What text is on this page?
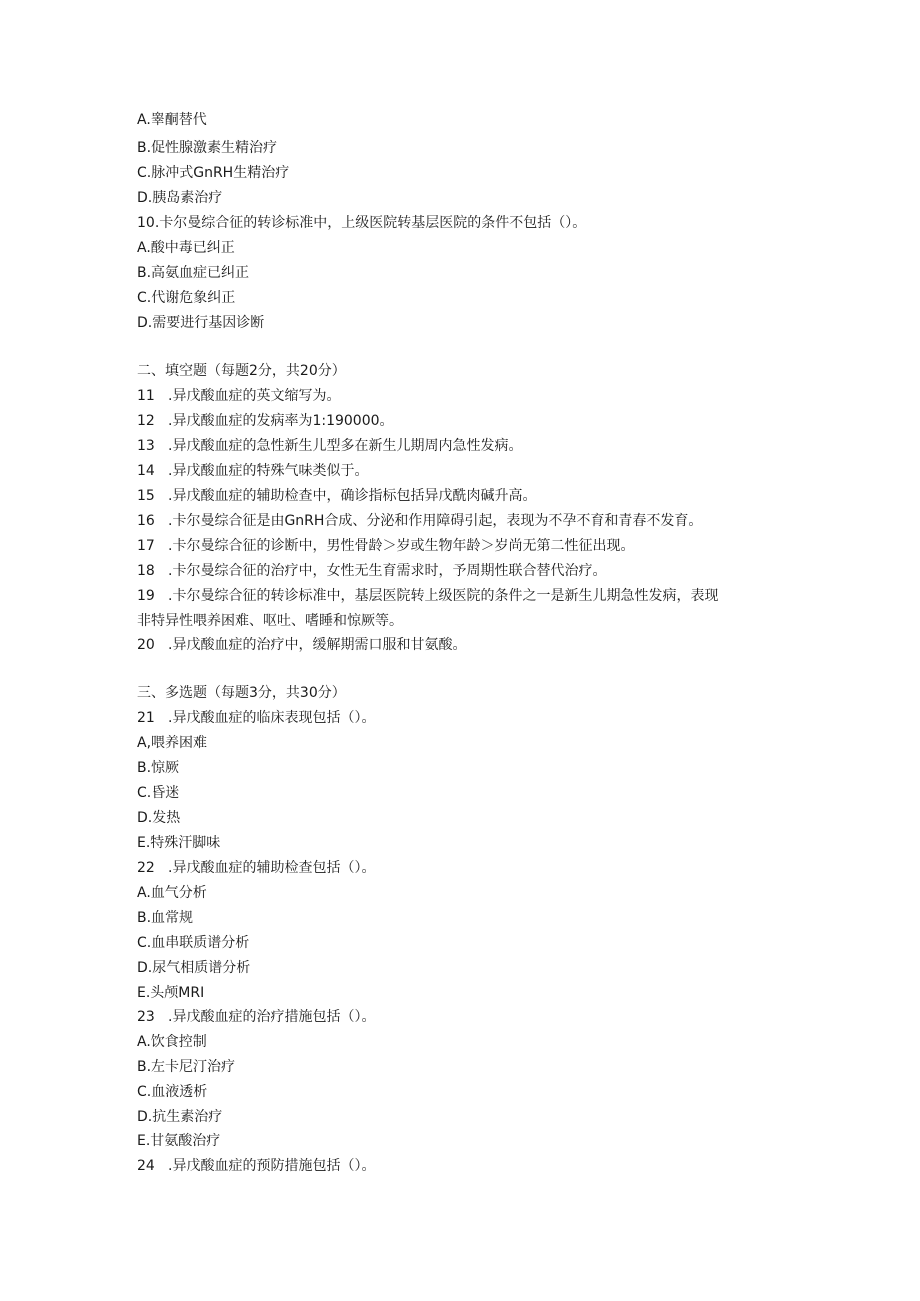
A.睾酮替代
B.促性腺激素生精治疗
C.脉冲式GnRH生精治疗
D.胰岛素治疗
10.卡尔曼综合征的转诊标准中，上级医院转基层医院的条件不包括（）。
A.酸中毒已纠正
B.高氨血症已纠正
C.代谢危象纠正
D.需要进行基因诊断
二、填空题（每题2分，共20分）
11 .异戊酸血症的英文缩写为。
12 .异戊酸血症的发病率为1:190000。
13 .异戊酸血症的急性新生儿型多在新生儿期周内急性发病。
14 .异戊酸血症的特殊气味类似于。
15 .异戊酸血症的辅助检查中，确诊指标包括异戊酰肉碱升高。
16 .卡尔曼综合征是由GnRH合成、分泌和作用障碍引起，表现为不孕不育和青春不发育。
17 .卡尔曼综合征的诊断中，男性骨龄＞岁或生物年龄＞岁尚无第二性征出现。
18 .卡尔曼综合征的治疗中，女性无生育需求时，予周期性联合替代治疗。
19 .卡尔曼综合征的转诊标准中，基层医院转上级医院的条件之一是新生儿期急性发病，表现
非特异性喂养困难、呕吐、嗜睡和惊厥等。
20 .异戊酸血症的治疗中，缓解期需口服和甘氨酸。
三、多选题（每题3分，共30分）
21 .异戊酸血症的临床表现包括（）。
A,喂养困难
B.惊厥
C.昏迷
D.发热
E.特殊汗脚味
22 .异戊酸血症的辅助检查包括（）。
A.血气分析
B.血常规
C.血串联质谱分析
D.尿气相质谱分析
E.头颅MRI
23 .异戊酸血症的治疗措施包括（）。
A.饮食控制
B.左卡尼汀治疗
C.血液透析
D.抗生素治疗
E.甘氨酸治疗
24 .异戊酸血症的预防措施包括（）。
